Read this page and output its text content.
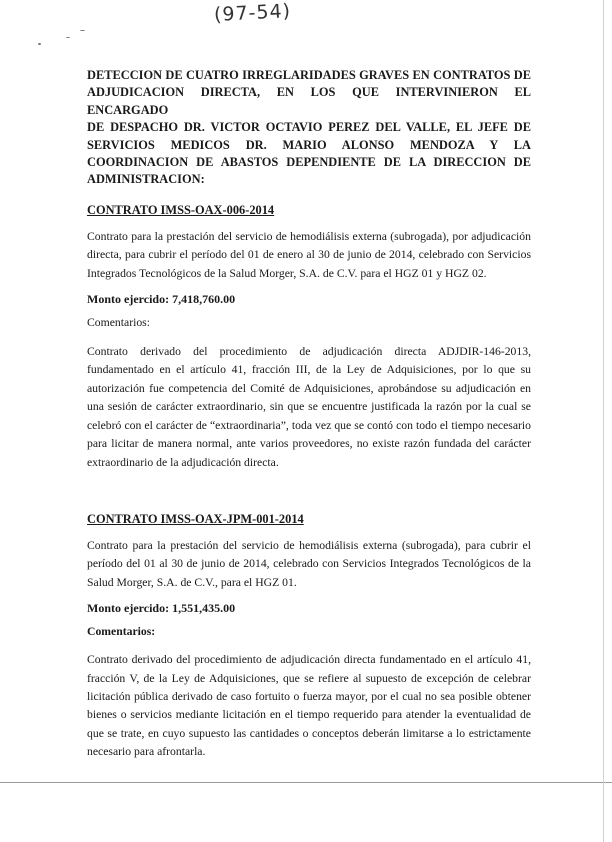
(97-54)
DETECCION DE CUATRO IRREGLARIDADES GRAVES EN CONTRATOS DE
ADJUDICACION DIRECTA, EN LOS QUE INTERVINIERON EL ENCARGADO
DE DESPACHO DR. VICTOR OCTAVIO PEREZ DEL VALLE, EL JEFE DE
SERVICIOS MEDICOS DR. MARIO ALONSO MENDOZA Y LA
COORDINACION DE ABASTOS DEPENDIENTE DE LA DIRECCION DE
ADMINISTRACION:
CONTRATO IMSS-OAX-006-2014

Contrato para la prestación del servicio de hemodiálisis externa (subrogada), por adjudicación directa, para cubrir el período del 01 de enero al 30 de junio de 2014, celebrado con Servicios Integrados Tecnológicos de la Salud Morger, S.A. de C.V. para el HGZ 01 y HGZ 02.

Monto ejercido: 7,418,760.00
Comentarios:

Contrato derivado del procedimiento de adjudicación directa ADJDIR-146-2013, fundamentado en el artículo 41, fracción III, de la Ley de Adquisiciones, por lo que su autorización fue competencia del Comité de Adquisiciones, aprobándose su adjudicación en una sesión de carácter extraordinario, sin que se encuentre justificada la razón por la cual se celebró con el carácter de “extraordinaria”, toda vez que se contó con todo el tiempo necesario para licitar de manera normal, ante varios proveedores, no existe razón fundada del carácter extraordinario de la adjudicación directa.

CONTRATO IMSS-OAX-JPM-001-2014

Contrato para la prestación del servicio de hemodiálisis externa (subrogada), para cubrir el período del 01 al 30 de junio de 2014, celebrado con Servicios Integrados Tecnológicos de la Salud Morger, S.A. de C.V., para el HGZ 01.

Monto ejercido: 1,551,435.00
Comentarios:

Contrato derivado del procedimiento de adjudicación directa fundamentado en el artículo 41, fracción V, de la Ley de Adquisiciones, que se refiere al supuesto de excepción de celebrar licitación pública derivado de caso fortuito o fuerza mayor, por el cual no sea posible obtener bienes o servicios mediante licitación en el tiempo requerido para atender la eventualidad de que se trate, en cuyo supuesto las cantidades o conceptos deberán limitarse a lo estrictamente necesario para afrontarla.
